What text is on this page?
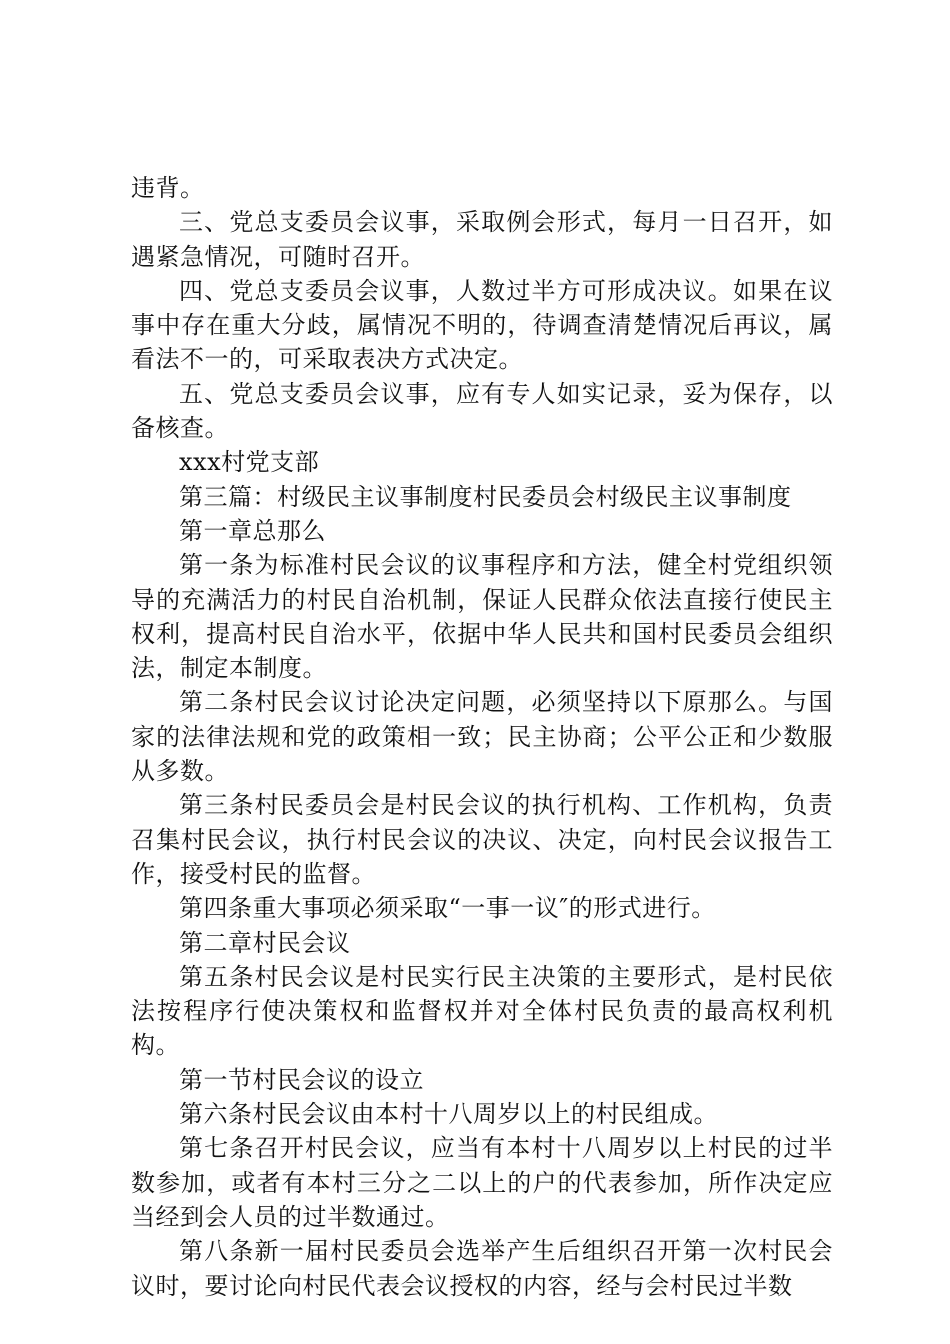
违背。

三、党总支委员会议事，采取例会形式，每月一日召开，如遇紧急情况，可随时召开。

四、党总支委员会议事，人数过半方可形成决议。如果在议事中存在重大分歧，属情况不明的，待调查清楚情况后再议，属看法不一的，可采取表决方式决定。

五、党总支委员会议事，应有专人如实记录，妥为保存，以备核查。

xxx村党支部

第三篇：村级民主议事制度村民委员会村级民主议事制度

第一章总那么

第一条为标准村民会议的议事程序和方法，健全村党组织领导的充满活力的村民自治机制，保证人民群众依法直接行使民主权利，提高村民自治水平，依据中华人民共和国村民委员会组织法，制定本制度。

第二条村民会议讨论决定问题，必须坚持以下原那么。与国家的法律法规和党的政策相一致；民主协商；公平公正和少数服从多数。

第三条村民委员会是村民会议的执行机构、工作机构，负责召集村民会议，执行村民会议的决议、决定，向村民会议报告工作，接受村民的监督。

第四条重大事项必须采取“一事一议″的形式进行。

第二章村民会议

第五条村民会议是村民实行民主决策的主要形式，是村民依法按程序行使决策权和监督权并对全体村民负责的最高权利机构。

第一节村民会议的设立

第六条村民会议由本村十八周岁以上的村民组成。

第七条召开村民会议，应当有本村十八周岁以上村民的过半数参加，或者有本村三分之二以上的户的代表参加，所作决定应当经到会人员的过半数通过。

第八条新一届村民委员会选举产生后组织召开第一次村民会议时，要讨论向村民代表会议授权的内容，经与会村民过半数
